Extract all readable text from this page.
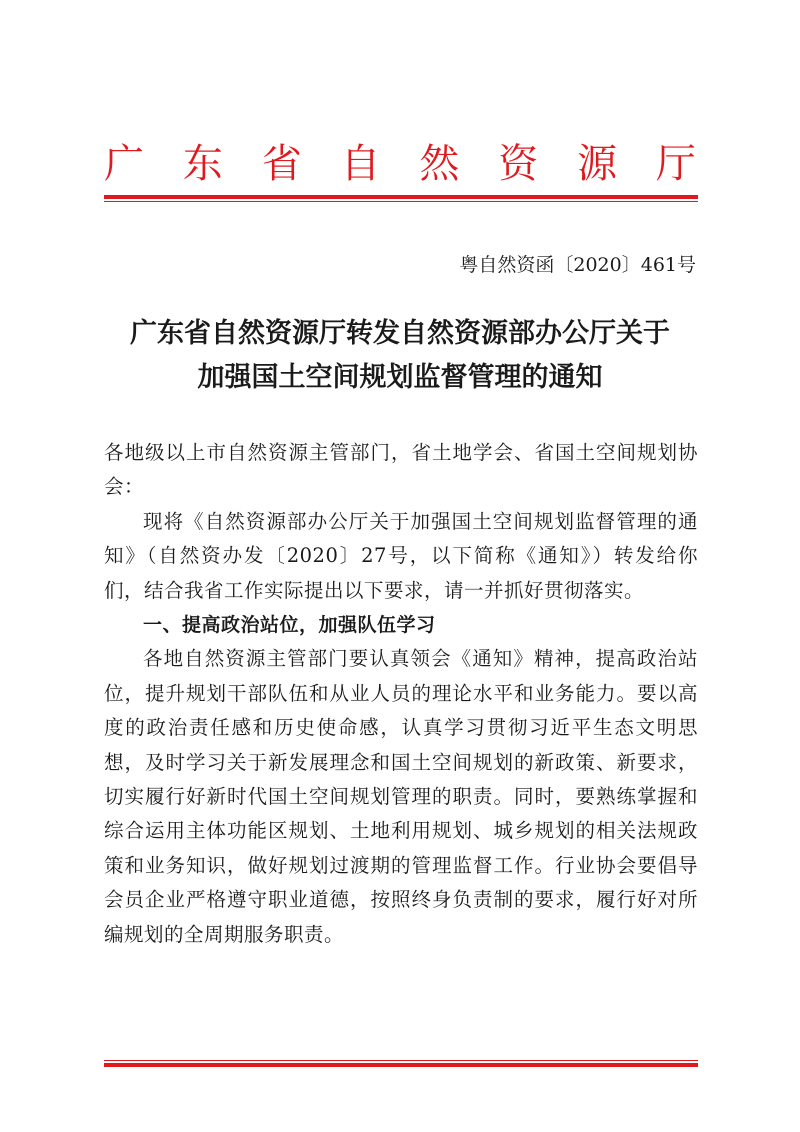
广 东 省 自 然 资 源 厅
粤自然资函〔2020〕461号
广东省自然资源厅转发自然资源部办公厅关于
加强国土空间规划监督管理的通知

各地级以上市自然资源主管部门，省土地学会、省国土空间规划协会：

现将《自然资源部办公厅关于加强国土空间规划监督管理的通知》（自然资办发〔2020〕27号，以下简称《通知》）转发给你们，结合我省工作实际提出以下要求，请一并抓好贯彻落实。

一、提高政治站位，加强队伍学习

各地自然资源主管部门要认真领会《通知》精神，提高政治站位，提升规划干部队伍和从业人员的理论水平和业务能力。要以高度的政治责任感和历史使命感，认真学习贯彻习近平生态文明思想，及时学习关于新发展理念和国土空间规划的新政策、新要求，切实履行好新时代国土空间规划管理的职责。同时，要熟练掌握和综合运用主体功能区规划、土地利用规划、城乡规划的相关法规政策和业务知识，做好规划过渡期的管理监督工作。行业协会要倡导会员企业严格遵守职业道德，按照终身负责制的要求，履行好对所编规划的全周期服务职责。
